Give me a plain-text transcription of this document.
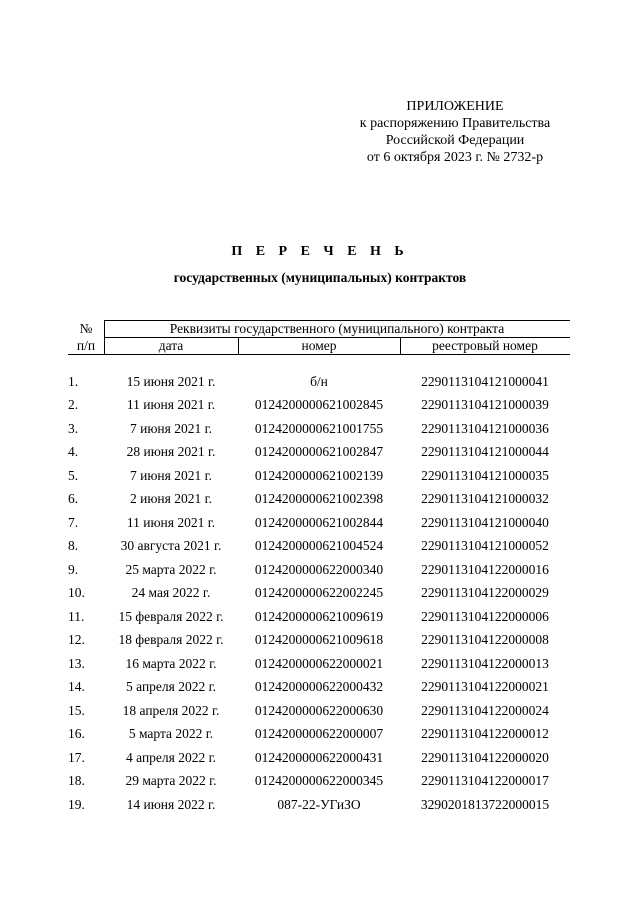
ПРИЛОЖЕНИЕ
к распоряжению Правительства
Российской Федерации
от 6 октября 2023 г. № 2732-р
П Е Р Е Ч Е Н Ь
государственных (муниципальных) контрактов
№
п/п
Реквизиты государственного (муниципального) контракта
дата	номер	реестровый номер
1.	15 июня 2021 г.	б/н	2290113104121000041
2.	11 июня 2021 г.	0124200000621002845	2290113104121000039
3.	7 июня 2021 г.	0124200000621001755	2290113104121000036
4.	28 июня 2021 г.	0124200000621002847	2290113104121000044
5.	7 июня 2021 г.	0124200000621002139	2290113104121000035
6.	2 июня 2021 г.	0124200000621002398	2290113104121000032
7.	11 июня 2021 г.	0124200000621002844	2290113104121000040
8.	30 августа 2021 г.	0124200000621004524	2290113104121000052
9.	25 марта 2022 г.	0124200000622000340	2290113104122000016
10.	24 мая 2022 г.	0124200000622002245	2290113104122000029
11.	15 февраля 2022 г.	0124200000621009619	2290113104122000006
12.	18 февраля 2022 г.	0124200000621009618	2290113104122000008
13.	16 марта 2022 г.	0124200000622000021	2290113104122000013
14.	5 апреля 2022 г.	0124200000622000432	2290113104122000021
15.	18 апреля 2022 г.	0124200000622000630	2290113104122000024
16.	5 марта 2022 г.	0124200000622000007	2290113104122000012
17.	4 апреля 2022 г.	0124200000622000431	2290113104122000020
18.	29 марта 2022 г.	0124200000622000345	2290113104122000017
19.	14 июня 2022 г.	087-22-УГиЗО	3290201813722000015
